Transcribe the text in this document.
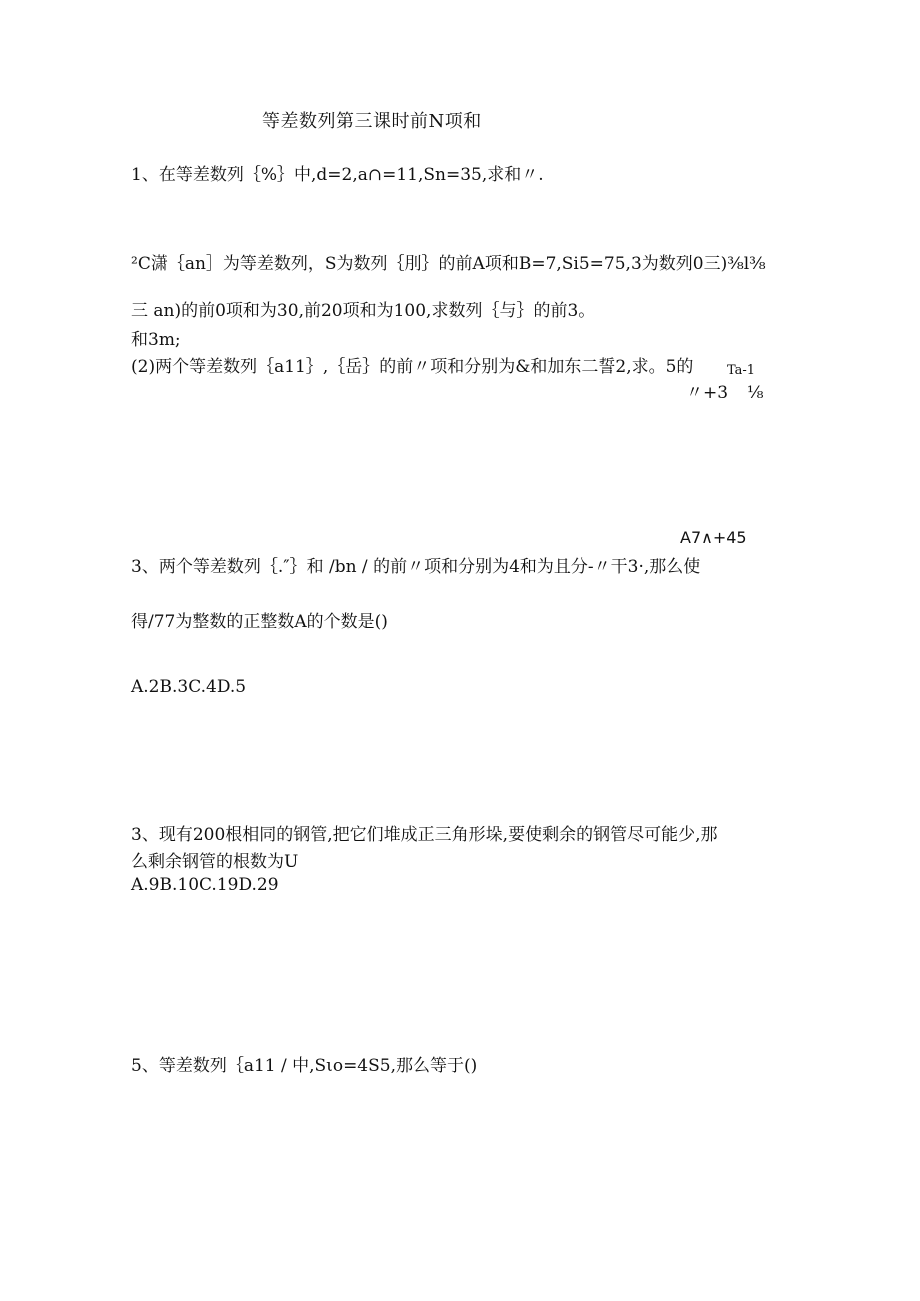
等差数列第三课时前N项和
1、在等差数列｛%｝中,d=2,a∩=11,Sn=35,求和〃.
²C潇｛an］为等差数列，S为数列｛刖｝的前A项和B=7,Si5=75,3为数列0三)⅜l⅜
三 an)的前0项和为30,前20项和为100,求数列｛与｝的前3。
和3m;
(2)两个等差数列｛a11｝,｛岳｝的前〃项和分别为&和加东二誓2,求。5的	Ta-1
〃+3 ⅛
A7∧+45
3、两个等差数列｛.″｝和 /bn / 的前〃项和分别为4和为且分-〃干3·,那么使
得/77为整数的正整数A的个数是()
A.2B.3C.4D.5
3、现有200根相同的钢管,把它们堆成正三角形垛,要使剩余的钢管尽可能少,那
么剩余钢管的根数为U
A.9B.10C.19D.29
5、等差数列｛a11 / 中,Sιo=4S5,那么等于()
